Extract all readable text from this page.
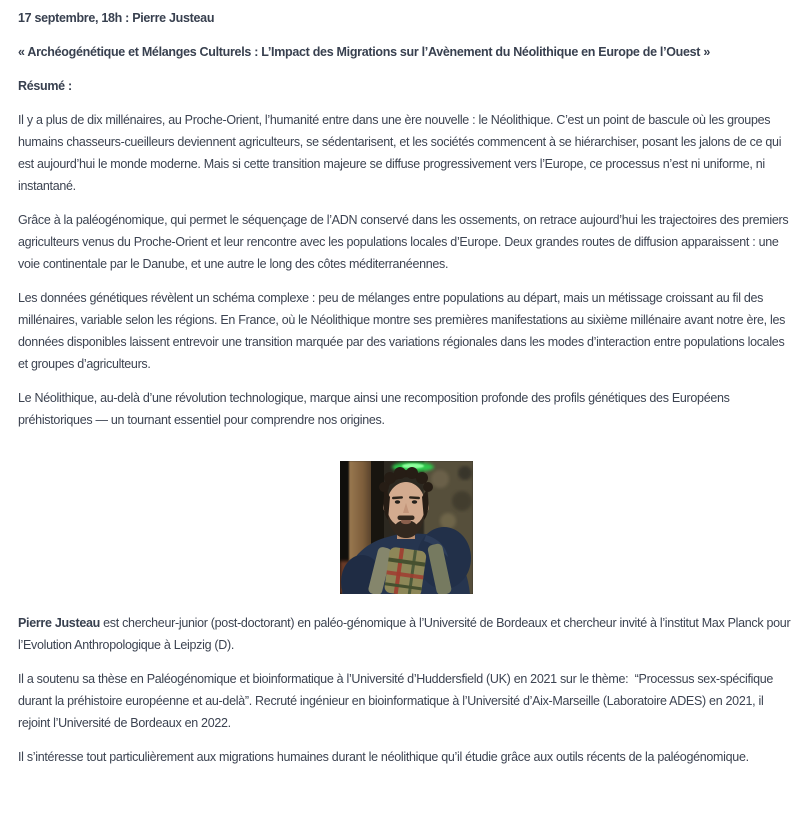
17 septembre, 18h : Pierre Justeau

« Archéogénétique et Mélanges Culturels : L’Impact des Migrations sur l’Avènement du Néolithique en Europe de l’Ouest »

Résumé :

Il y a plus de dix millénaires, au Proche-Orient, l’humanité entre dans une ère nouvelle : le Néolithique. C’est un point de bascule où les groupes humains chasseurs-cueilleurs deviennent agriculteurs, se sédentarisent, et les sociétés commencent à se hiérarchiser, posant les jalons de ce qui est aujourd’hui le monde moderne. Mais si cette transition majeure se diffuse progressivement vers l’Europe, ce processus n’est ni uniforme, ni instantané.

Grâce à la paléogénomique, qui permet le séquençage de l’ADN conservé dans les ossements, on retrace aujourd’hui les trajectoires des premiers agriculteurs venus du Proche-Orient et leur rencontre avec les populations locales d’Europe. Deux grandes routes de diffusion apparaissent : une voie continentale par le Danube, et une autre le long des côtes méditerranéennes.

Les données génétiques révèlent un schéma complexe : peu de mélanges entre populations au départ, mais un métissage croissant au fil des millénaires, variable selon les régions. En France, où le Néolithique montre ses premières manifestations au sixième millénaire avant notre ère, les données disponibles laissent entrevoir une transition marquée par des variations régionales dans les modes d’interaction entre populations locales et groupes d’agriculteurs.

Le Néolithique, au-delà d’une révolution technologique, marque ainsi une recomposition profonde des profils génétiques des Européens préhistoriques — un tournant essentiel pour comprendre nos origines.

Pierre Justeau est chercheur-junior (post-doctorant) en paléo-génomique à l’Université de Bordeaux et chercheur invité à l’institut Max Planck pour l’Evolution Anthropologique à Leipzig (D).

Il a soutenu sa thèse en Paléogénomique et bioinformatique à l’Université d’Huddersfield (UK) en 2021 sur le thème:  “Processus sex-spécifique durant la préhistoire européenne et au-delà”. Recruté ingénieur en bioinformatique à l’Université d’Aix-Marseille (Laboratoire ADES) en 2021, il rejoint l’Université de Bordeaux en 2022.

Il s’intéresse tout particulièrement aux migrations humaines durant le néolithique qu’il étudie grâce aux outils récents de la paléogénomique.
